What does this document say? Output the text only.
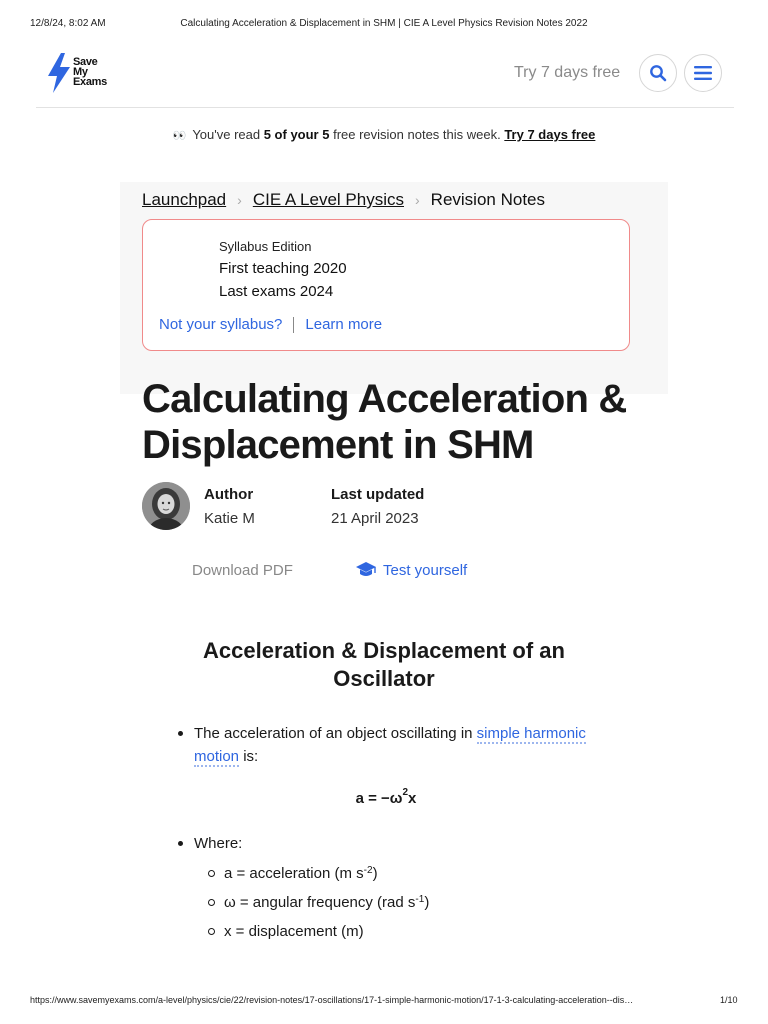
12/8/24, 8:02 AM	Calculating Acceleration & Displacement in SHM | CIE A Level Physics Revision Notes 2022
Save
My
Exams
Try 7 days free
👀 You've read 5 of your 5 free revision notes this week. Try 7 days free
Launchpad › CIE A Level Physics › Revision Notes
Syllabus Edition
First teaching 2020
Last exams 2024
Not your syllabus? Learn more
Calculating Acceleration & Displacement in SHM
Author
Katie M
Last updated
21 April 2023
Download PDF	Test yourself
Acceleration & Displacement of an Oscillator
The acceleration of an object oscillating in simple harmonic motion is:
$a = -\omega^2x$
Where:
a = acceleration (m $s^{-2}$)
ω = angular frequency (rad $s^{-1}$)
x = displacement (m)
https://www.savemyexams.com/a-level/physics/cie/22/revision-notes/17-oscillations/17-1-simple-harmonic-motion/17-1-3-calculating-acceleration--dis…	1/10
